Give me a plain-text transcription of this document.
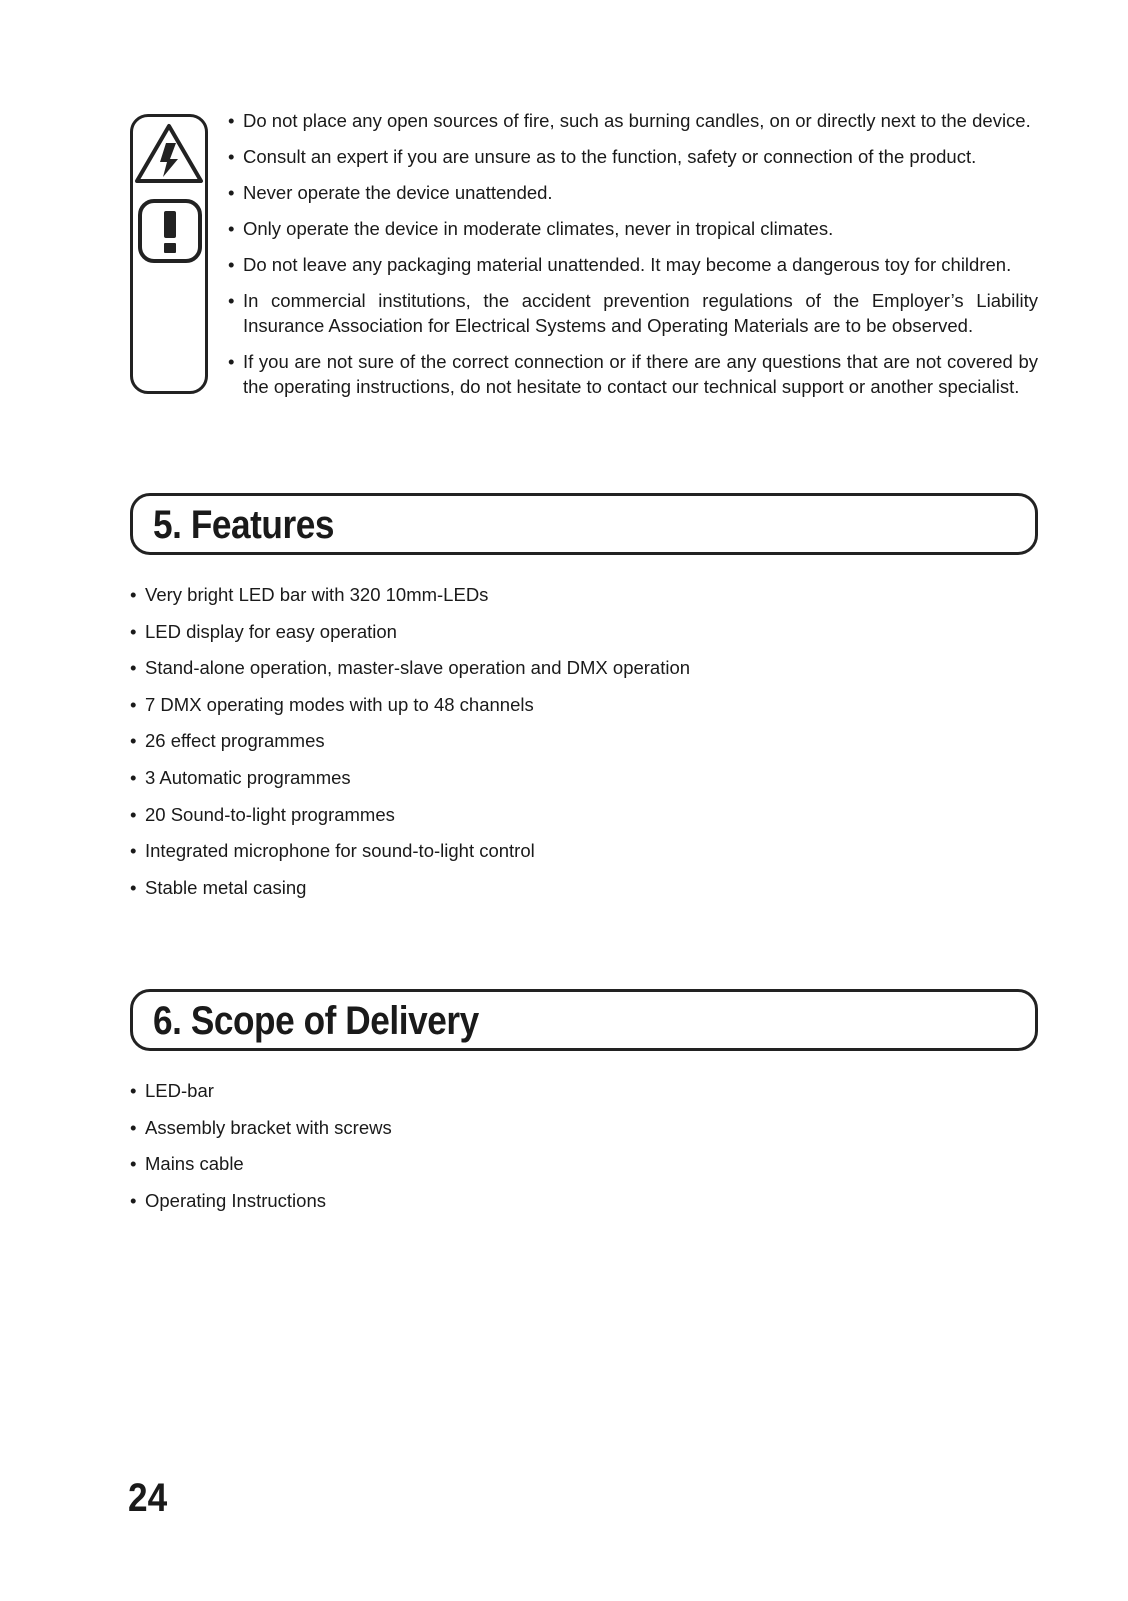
• Do not place any open sources of fire, such as burning candles, on or directly next to the device.
• Consult an expert if you are unsure as to the function, safety or connection of the product.
• Never operate the device unattended.
• Only operate the device in moderate climates, never in tropical climates.
• Do not leave any packaging material unattended. It may become a dangerous toy for children.
• In commercial institutions, the accident prevention regulations of the Employer’s Liability Insurance Association for Electrical Systems and Operating Materials are to be observed.
• If you are not sure of the correct connection or if there are any questions that are not covered by the operating instructions, do not hesitate to contact our technical support or another specialist.
5. Features
• Very bright LED bar with 320 10mm-LEDs
• LED display for easy operation
• Stand-alone operation, master-slave operation and DMX operation
• 7 DMX operating modes with up to 48 channels
• 26 effect programmes
• 3 Automatic programmes
• 20 Sound-to-light programmes
• Integrated microphone for sound-to-light control
• Stable metal casing
6. Scope of Delivery
• LED-bar
• Assembly bracket with screws
• Mains cable
• Operating Instructions
24
